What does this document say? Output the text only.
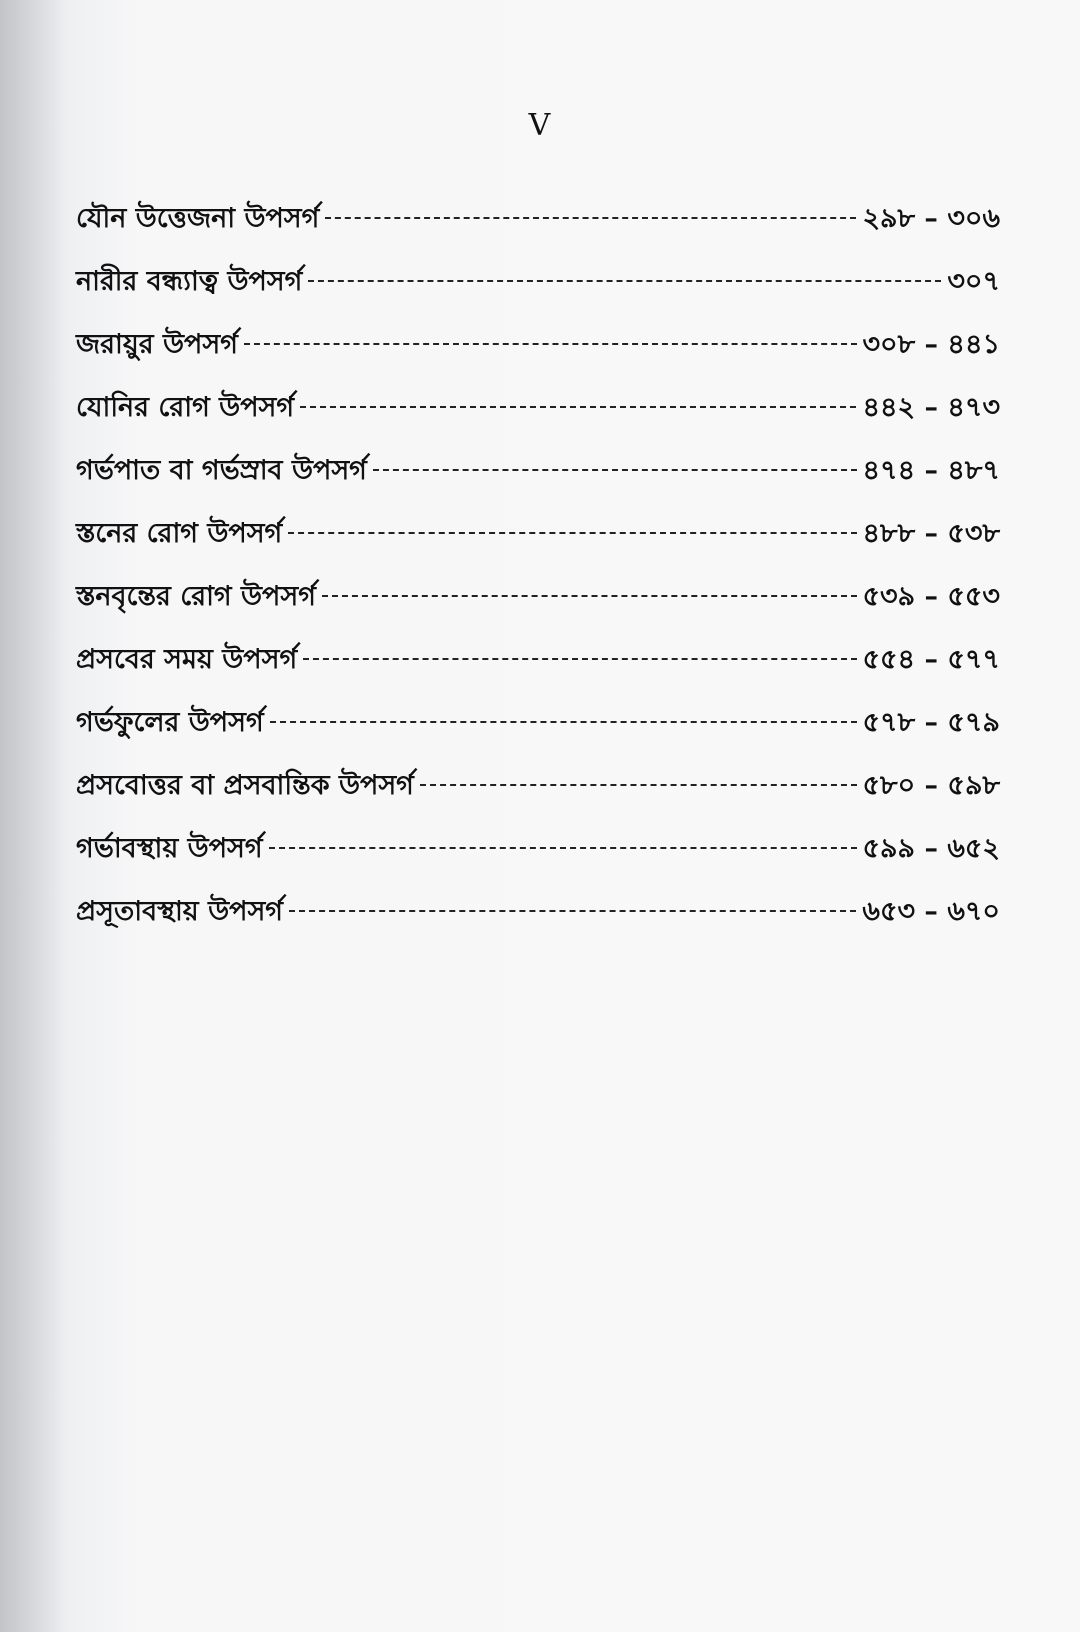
V
যৌন উত্তেজনা উপসর্গ	২৯৮ – ৩০৬
নারীর বন্ধ্যাত্ব উপসর্গ	৩০৭
জরায়ুর উপসর্গ	৩০৮ – ৪৪১
যোনির রোগ উপসর্গ	৪৪২ – ৪৭৩
গর্ভপাত বা গর্ভস্রাব উপসর্গ	৪৭৪ – ৪৮৭
স্তনের রোগ উপসর্গ	৪৮৮ – ৫৩৮
স্তনবৃন্তের রোগ উপসর্গ	৫৩৯ – ৫৫৩
প্রসবের সময় উপসর্গ	৫৫৪ – ৫৭৭
গর্ভফুলের উপসর্গ	৫৭৮ – ৫৭৯
প্রসবোত্তর বা প্রসবান্তিক উপসর্গ	৫৮০ – ৫৯৮
গর্ভাবস্থায় উপসর্গ	৫৯৯ – ৬৫২
প্রসূতাবস্থায় উপসর্গ	৬৫৩ – ৬৭০
